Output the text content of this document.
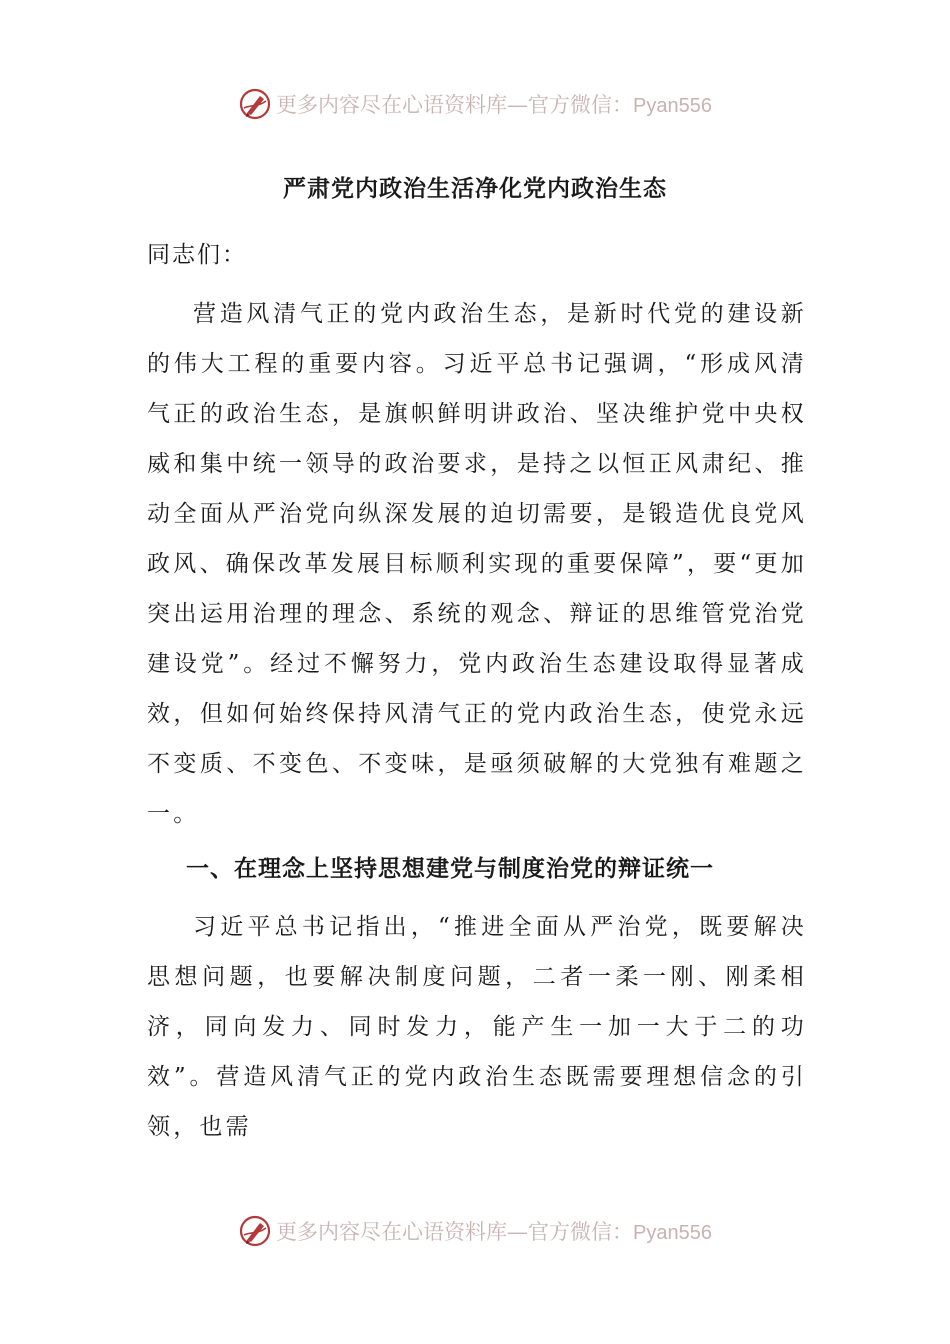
更多内容尽在心语资料库—官方微信：Pyan556
严肃党内政治生活净化党内政治生态
同志们：

营造风清气正的党内政治生态，是新时代党的建设新的伟大工程的重要内容。习近平总书记强调，“形成风清气正的政治生态，是旗帜鲜明讲政治、坚决维护党中央权威和集中统一领导的政治要求，是持之以恒正风肃纪、推动全面从严治党向纵深发展的迫切需要，是锻造优良党风政风、确保改革发展目标顺利实现的重要保障”，要“更加突出运用治理的理念、系统的观念、辩证的思维管党治党建设党”。经过不懈努力，党内政治生态建设取得显著成效，但如何始终保持风清气正的党内政治生态，使党永远不变质、不变色、不变味，是亟须破解的大党独有难题之一。

一、在理念上坚持思想建党与制度治党的辩证统一

习近平总书记指出，“推进全面从严治党，既要解决思想问题，也要解决制度问题，二者一柔一刚、刚柔相济，同向发力、同时发力，能产生一加一大于二的功效”。营造风清气正的党内政治生态既需要理想信念的引领，也需

更多内容尽在心语资料库—官方微信：Pyan556
